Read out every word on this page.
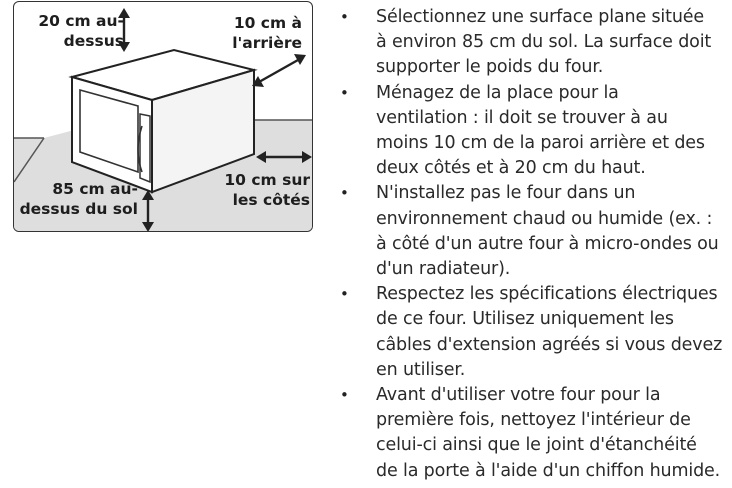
20 cm au-
dessus
10 cm à
l'arrière
10 cm sur
les côtés
85 cm au-
dessus du sol
• Sélectionnez une surface plane située
à environ 85 cm du sol. La surface doit
supporter le poids du four.
• Ménagez de la place pour la
ventilation : il doit se trouver à au
moins 10 cm de la paroi arrière et des
deux côtés et à 20 cm du haut.
• N'installez pas le four dans un
environnement chaud ou humide (ex. :
à côté d'un autre four à micro-ondes ou
d'un radiateur).
• Respectez les spécifications électriques
de ce four. Utilisez uniquement les
câbles d'extension agréés si vous devez
en utiliser.
• Avant d'utiliser votre four pour la
première fois, nettoyez l'intérieur de
celui-ci ainsi que le joint d'étanchéité
de la porte à l'aide d'un chiffon humide.
